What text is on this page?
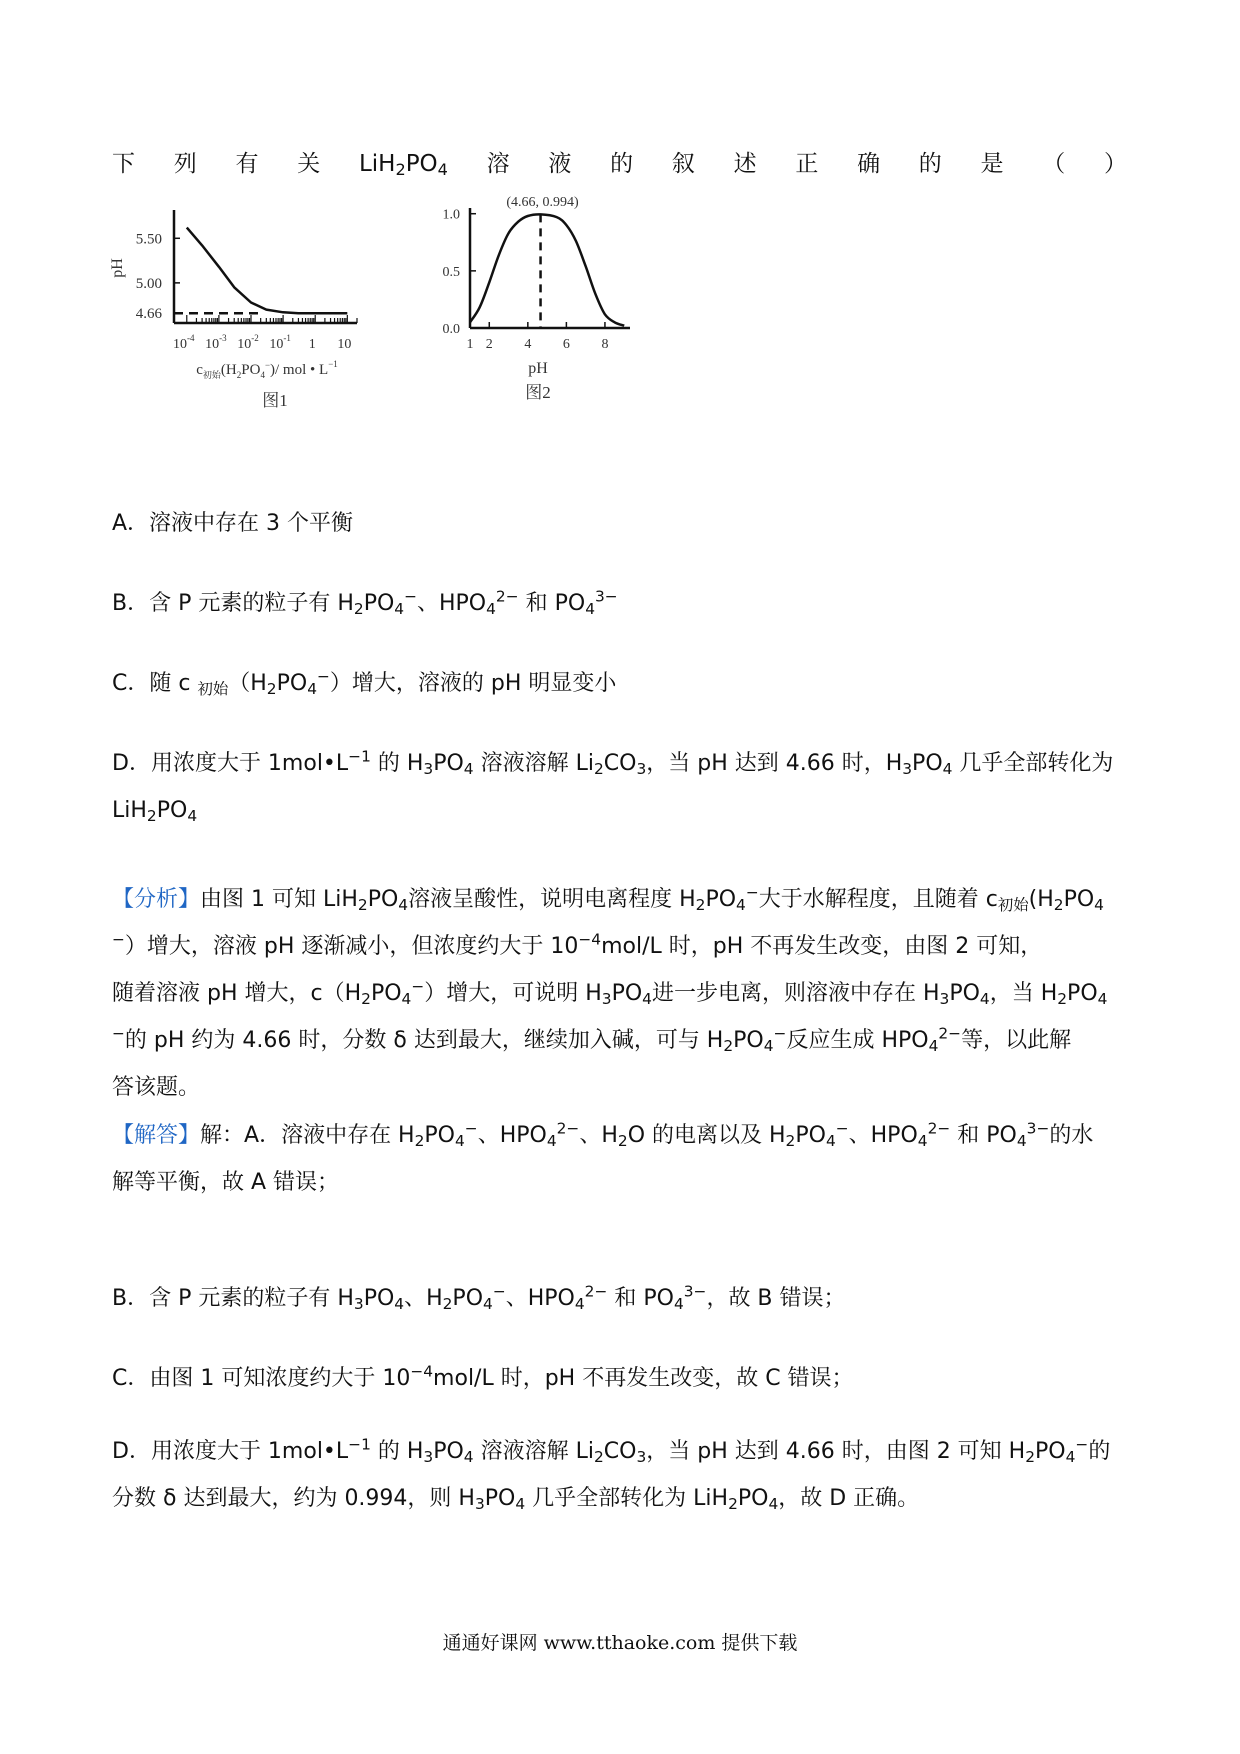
下 列 有 关 $LiH_2PO_4$ 溶 液 的 叙 述 正 确 的 是 （ ）
$10^{-4}$ $10^{-3}$ $10^{-2}$ $10^{-1}$ 1 10
5.50
5.00
4.66
pH
$c_{初始}(H_2PO_4^-)/$ mol • $L^{-1}$
图1
1.0
0.5
0.0
1 2 4 6 8
(4.66, 0.994)
pH
图2
A．溶液中存在 3 个平衡
B．含 P 元素的粒子有 $H_2PO_4^-$、$HPO_4^{2-}$ 和 $PO_4^{3-}$
C．随 c $_{初始}(H_2PO_4^-)$增大，溶液的 pH 明显变小
D．用浓度大于 $1mol•L^{-1}$ 的 $H_3PO_4$ 溶液溶解 $Li_2CO_3$，当 pH 达到 4.66 时，$H_3PO_4$ 几乎全部转化为
$LiH_2PO_4$
【分析】由图 1 可知 $LiH_2PO_4$溶液呈酸性，说明电离程度 $H_2PO_4^-$大于水解程度，且随着 $c_{初始}(H_2PO_4$
−）增大，溶液 pH 逐渐减小，但浓度约大于 $10^{-4}mol/L$ 时，pH 不再发生改变，由图 2 可知，
随着溶液 pH 增大，$c(H_2PO_4^-)$增大，可说明 $H_3PO_4$进一步电离，则溶液中存在 $H_3PO_4$，当 $H_2PO_4$
−的 pH 约为 4.66 时，分数 δ 达到最大，继续加入碱，可与 $H_2PO_4^-$反应生成 $HPO_4^{2-}$等，以此解
答该题。
【解答】解：A．溶液中存在 $H_2PO_4^-$、$HPO_4^{2-}$、$H_2O$ 的电离以及 $H_2PO_4^-$、$HPO_4^{2-}$ 和 $PO_4^{3-}$的水
解等平衡，故 A 错误；
B．含 P 元素的粒子有 $H_3PO_4$、$H_2PO_4^-$、$HPO_4^{2-}$ 和 $PO_4^{3-}$，故 B 错误；
C．由图 1 可知浓度约大于 $10^{-4}mol/L$ 时，pH 不再发生改变，故 C 错误；
D．用浓度大于 $1mol•L^{-1}$ 的 $H_3PO_4$ 溶液溶解 $Li_2CO_3$，当 pH 达到 4.66 时，由图 2 可知 $H_2PO_4^-$的
分数 δ 达到最大，约为 0.994，则 $H_3PO_4$ 几乎全部转化为 $LiH_2PO_4$，故 D 正确。
通通好课网 www.tthaoke.com 提供下载
